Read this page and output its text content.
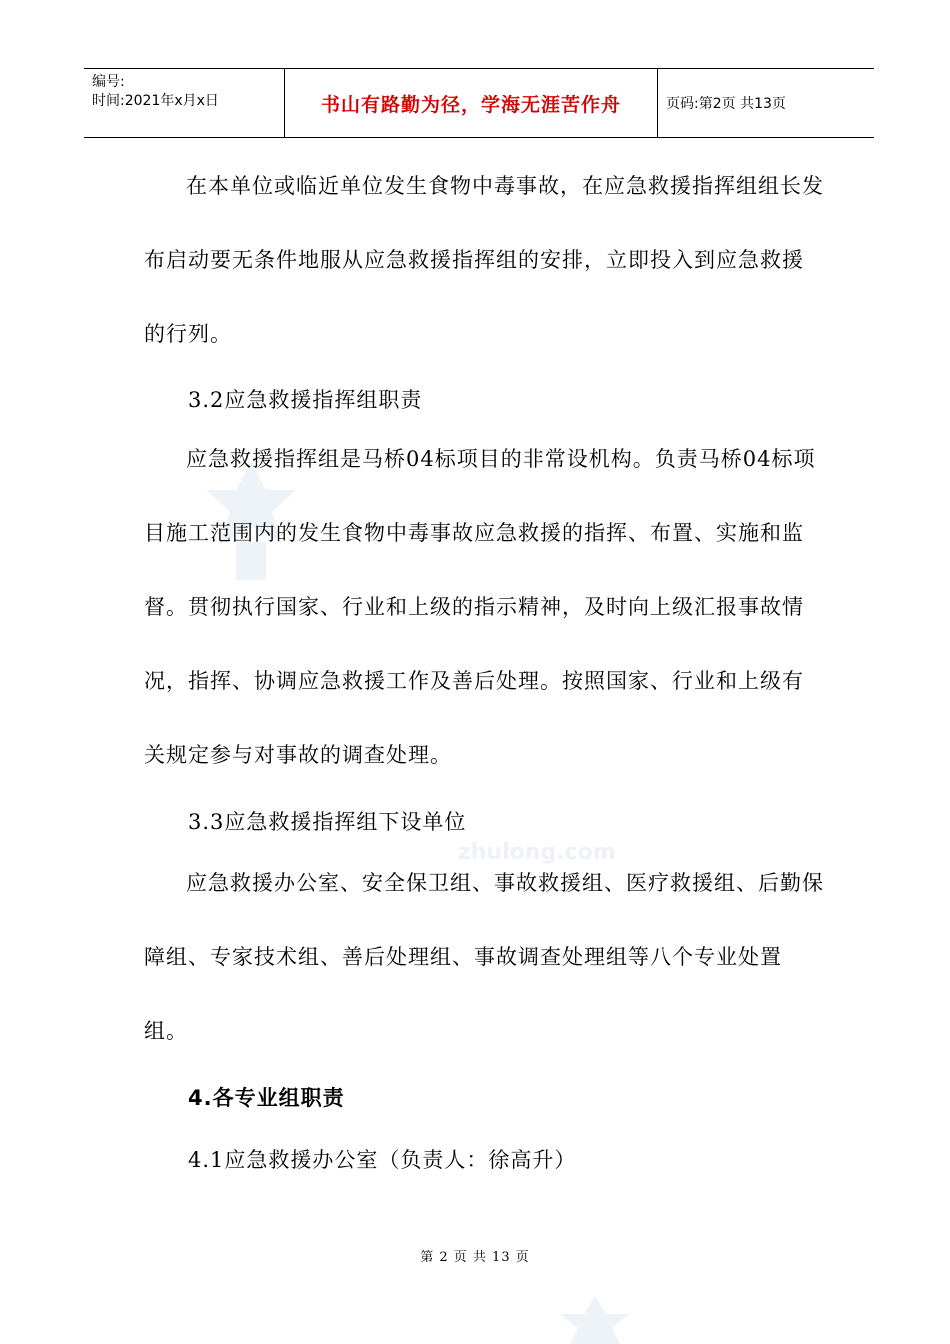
编号:
时间:2021年x月x日	书山有路勤为径，学海无涯苦作舟	页码:第2页 共13页
zhulong.com

在本单位或临近单位发生食物中毒事故，在应急救援指挥组组长发布启动要无条件地服从应急救援指挥组的安排，立即投入到应急救援的行列。

3.2应急救援指挥组职责

应急救援指挥组是马桥04标项目的非常设机构。负责马桥04标项目施工范围内的发生食物中毒事故应急救援的指挥、布置、实施和监督。贯彻执行国家、行业和上级的指示精神，及时向上级汇报事故情况，指挥、协调应急救援工作及善后处理。按照国家、行业和上级有关规定参与对事故的调查处理。

3.3应急救援指挥组下设单位

应急救援办公室、安全保卫组、事故救援组、医疗救援组、后勤保障组、专家技术组、善后处理组、事故调查处理组等八个专业处置组。

4.各专业组职责

4.1应急救援办公室（负责人：徐高升）

第 2 页 共 13 页
